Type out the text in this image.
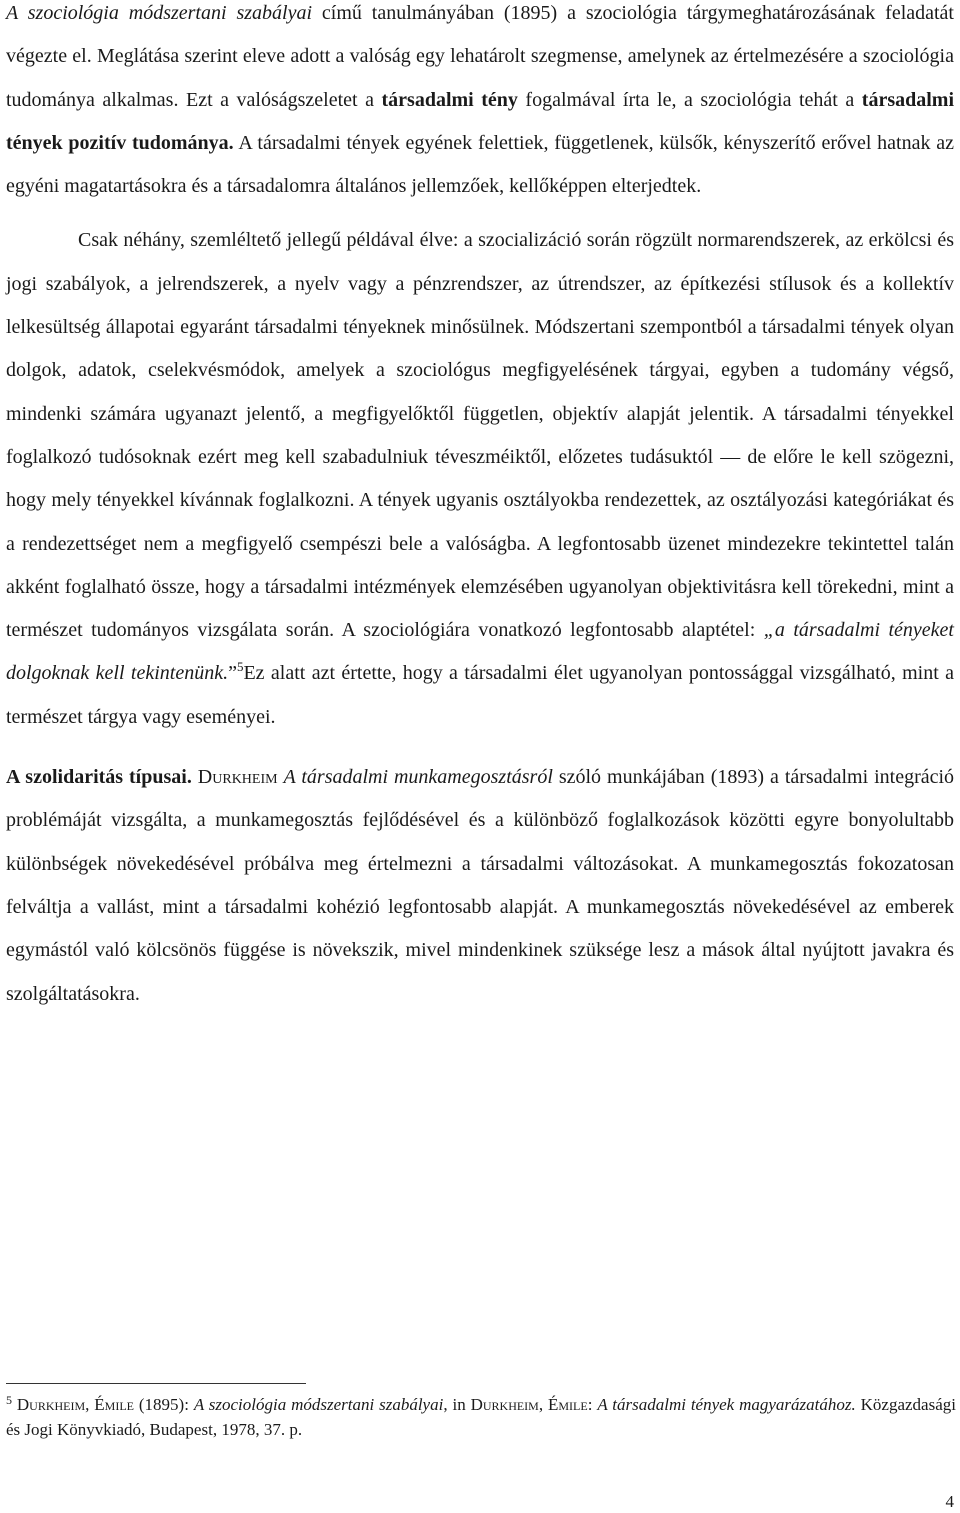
A szociológia módszertani szabályai című tanulmányában (1895) a szociológia tárgymeghatározásának feladatát végezte el. Meglátása szerint eleve adott a valóság egy lehatárolt szegmense, amelynek az értelmezésére a szociológia tudománya alkalmas. Ezt a valóságszeletet a társadalmi tény fogalmával írta le, a szociológia tehát a társadalmi tények pozitív tudománya. A társadalmi tények egyének felettiek, függetlenek, külsők, kényszerítő erővel hatnak az egyéni magatartásokra és a társadalomra általános jellemzőek, kellőképpen elterjedtek.

Csak néhány, szemléltető jellegű példával élve: a szocializáció során rögzült normarendszerek, az erkölcsi és jogi szabályok, a jelrendszerek, a nyelv vagy a pénzrendszer, az útrendszer, az építkezési stílusok és a kollektív lelkesültség állapotai egyaránt társadalmi tényeknek minősülnek. Módszertani szempontból a társadalmi tények olyan dolgok, adatok, cselekvésmódok, amelyek a szociológus megfigyelésének tárgyai, egyben a tudomány végső, mindenki számára ugyanazt jelentő, a megfigyelőktől független, objektív alapját jelentik. A társadalmi tényekkel foglalkozó tudósoknak ezért meg kell szabadulniuk téveszméiktől, előzetes tudásuktól — de előre le kell szögezni, hogy mely tényekkel kívánnak foglalkozni. A tények ugyanis osztályokba rendezettek, az osztályozási kategóriákat és a rendezettséget nem a megfigyelő csempészi bele a valóságba. A legfontosabb üzenet mindezekre tekintettel talán akként foglalható össze, hogy a társadalmi intézmények elemzésében ugyanolyan objektivitásra kell törekedni, mint a természet tudományos vizsgálata során. A szociológiára vonatkozó legfontosabb alaptétel: „a társadalmi tényeket dolgoknak kell tekintenünk.”$^5$Ez alatt azt értette, hogy a társadalmi élet ugyanolyan pontossággal vizsgálható, mint a természet tárgya vagy eseményei.

A szolidaritás típusai. Durkheim A társadalmi munkamegosztásról szóló munkájában (1893) a társadalmi integráció problémáját vizsgálta, a munkamegosztás fejlődésével és a különböző foglalkozások közötti egyre bonyolultabb különbségek növekedésével próbálva meg értelmezni a társadalmi változásokat. A munkamegosztás fokozatosan felváltja a vallást, mint a társadalmi kohézió legfontosabb alapját. A munkamegosztás növekedésével az emberek egymástól való kölcsönös függése is növekszik, mivel mindenkinek szüksége lesz a mások által nyújtott javakra és szolgáltatásokra.

$^5$ Durkheim, Émile (1895): A szociológia módszertani szabályai, in Durkheim, Émile: A társadalmi tények magyarázatához. Közgazdasági és Jogi Könyvkiadó, Budapest, 1978, 37. p.
4
